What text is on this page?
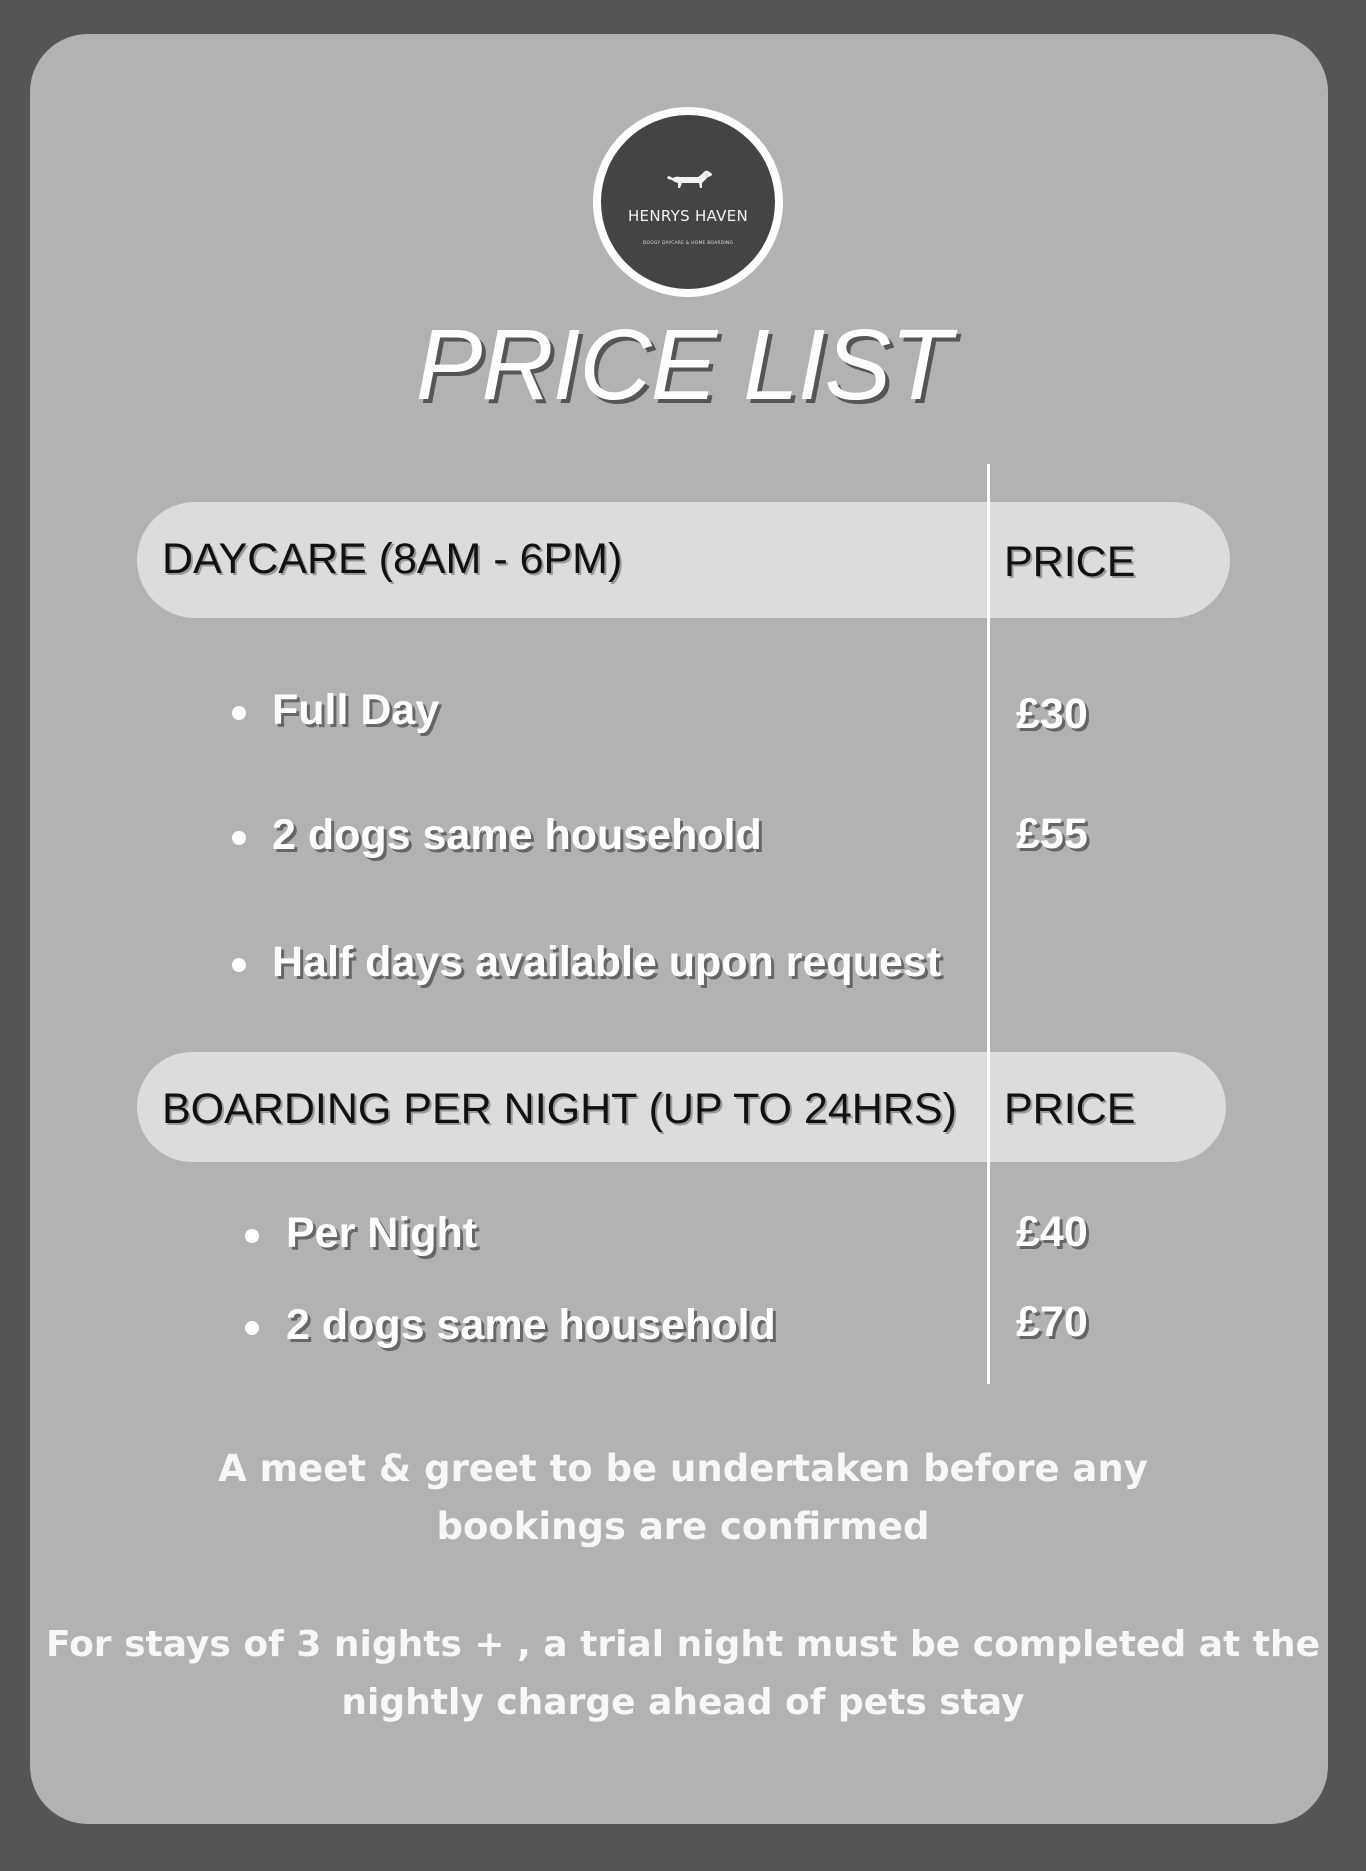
HENRYS HAVEN
DOGGY DAYCARE & HOME BOARDING
PRICE LIST
DAYCARE (8AM - 6PM)	PRICE
BOARDING PER NIGHT (UP TO 24HRS) PRICE
Full Day	£30
2 dogs same household	£55
Half days available upon request
Per Night	£40
2 dogs same household	£70
A meet & greet to be undertaken before any
bookings are confirmed
For stays of 3 nights + , a trial night must be completed at the
nightly charge ahead of pets stay
